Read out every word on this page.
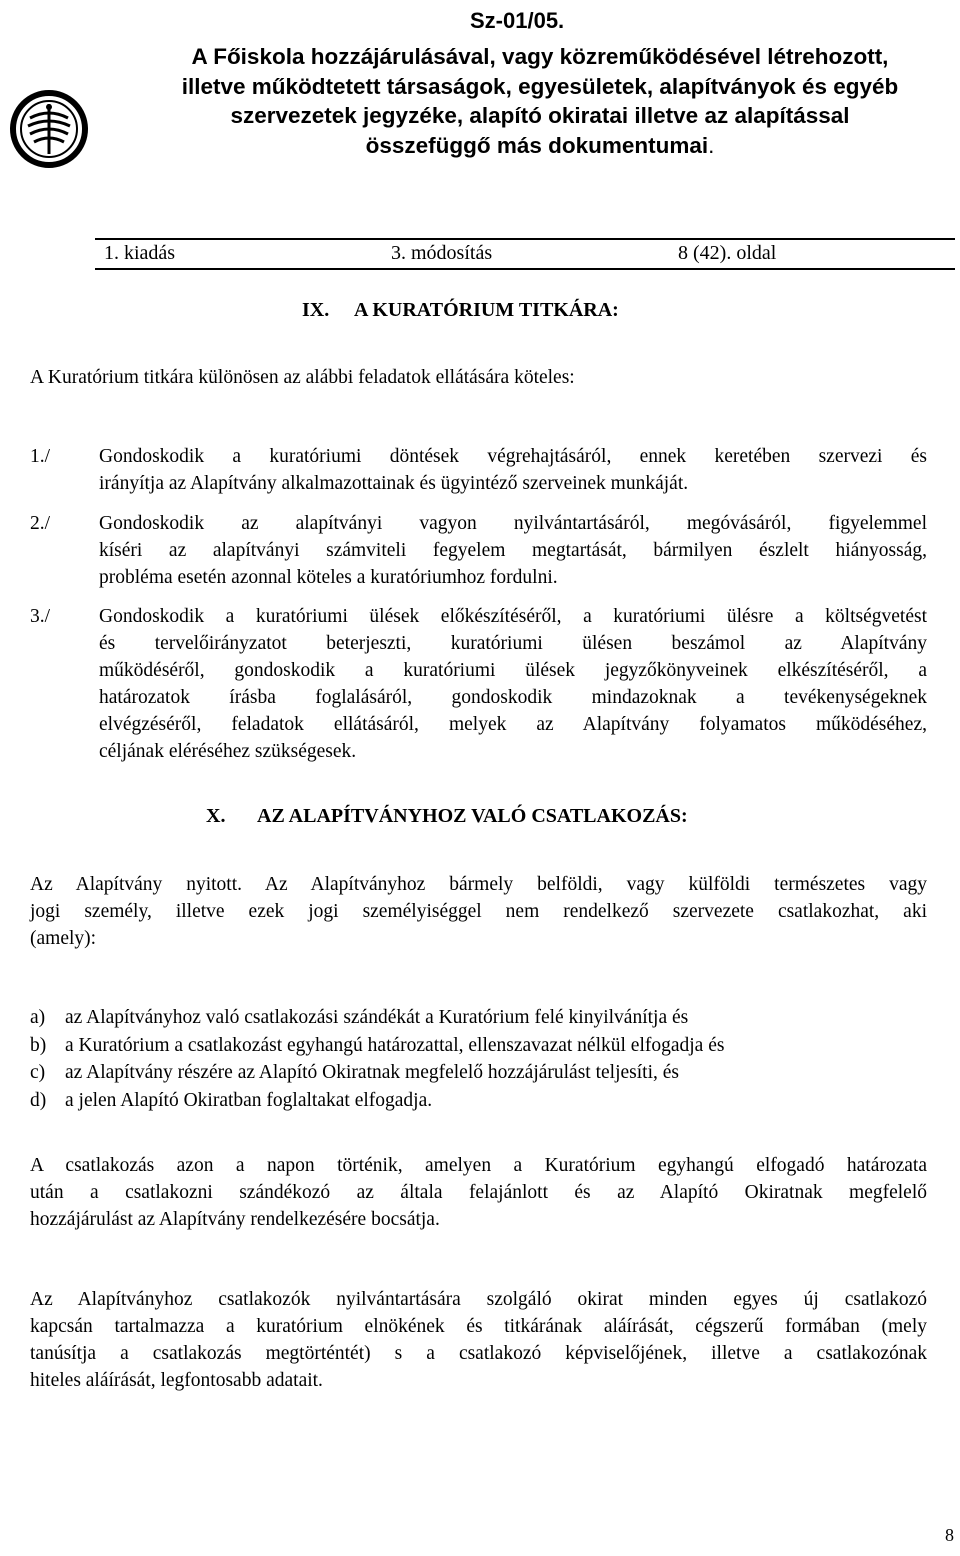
Sz-01/05.
A Főiskola hozzájárulásával, vagy közreműködésével létrehozott,
illetve működtetett társaságok, egyesületek, alapítványok és egyéb
szervezetek jegyzéke, alapító okiratai illetve az alapítással
összefüggő más dokumentumai.
1. kiadás	3. módosítás	8 (42). oldal
IX. A KURATÓRIUM TITKÁRA:
A Kuratórium titkára különösen az alábbi feladatok ellátására köteles:
1./	Gondoskodik a kuratóriumi döntések végrehajtásáról, ennek keretében szervezi és
irányítja az Alapítvány alkalmazottainak és ügyintéző szerveinek munkáját.
2./	Gondoskodik az alapítványi vagyon nyilvántartásáról, megóvásáról, figyelemmel
kíséri az alapítványi számviteli fegyelem megtartását, bármilyen észlelt hiányosság,
probléma esetén azonnal köteles a kuratóriumhoz fordulni.
3./	Gondoskodik a kuratóriumi ülések előkészítéséről, a kuratóriumi ülésre a költségvetést
és tervelőirányzatot beterjeszti, kuratóriumi ülésen beszámol az Alapítvány
működéséről, gondoskodik a kuratóriumi ülések jegyzőkönyveinek elkészítéséről, a
határozatok írásba foglalásáról, gondoskodik mindazoknak a tevékenységeknek
elvégzéséről, feladatok ellátásáról, melyek az Alapítvány folyamatos működéséhez,
céljának eléréséhez szükségesek.
X. AZ ALAPÍTVÁNYHOZ VALÓ CSATLAKOZÁS:
Az Alapítvány nyitott. Az Alapítványhoz bármely belföldi, vagy külföldi természetes vagy
jogi személy, illetve ezek jogi személyiséggel nem rendelkező szervezete csatlakozhat, aki
(amely):
a) az Alapítványhoz való csatlakozási szándékát a Kuratórium felé kinyilvánítja és
b) a Kuratórium a csatlakozást egyhangú határozattal, ellenszavazat nélkül elfogadja és
c) az Alapítvány részére az Alapító Okiratnak megfelelő hozzájárulást teljesíti, és
d) a jelen Alapító Okiratban foglaltakat elfogadja.
A csatlakozás azon a napon történik, amelyen a Kuratórium egyhangú elfogadó határozata
után a csatlakozni szándékozó az általa felajánlott és az Alapító Okiratnak megfelelő
hozzájárulást az Alapítvány rendelkezésére bocsátja.
Az Alapítványhoz csatlakozók nyilvántartására szolgáló okirat minden egyes új csatlakozó
kapcsán tartalmazza a kuratórium elnökének és titkárának aláírását, cégszerű formában (mely
tanúsítja a csatlakozás megtörténtét) s a csatlakozó képviselőjének, illetve a csatlakozónak
hiteles aláírását, legfontosabb adatait.
8
